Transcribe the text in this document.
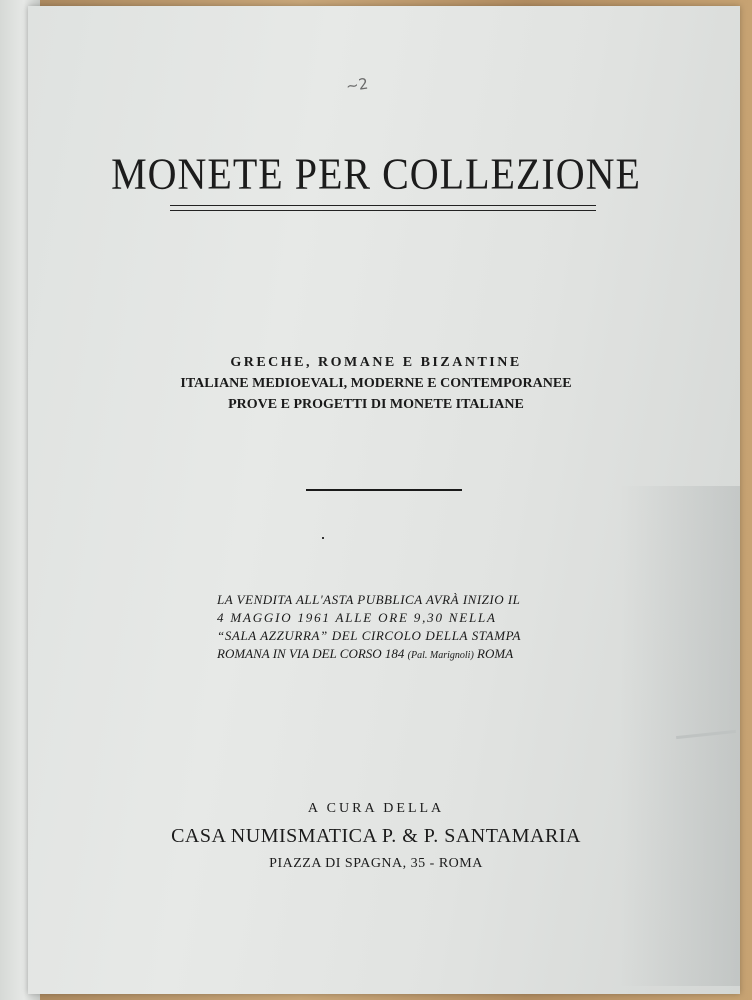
~2
MONETE PER COLLEZIONE
GRECHE, ROMANE E BIZANTINE
ITALIANE MEDIOEVALI, MODERNE E CONTEMPORANEE
PROVE E PROGETTI DI MONETE ITALIANE
LA VENDITA ALL'ASTA PUBBLICA AVRÀ INIZIO IL
4 MAGGIO 1961 ALLE ORE 9,30 NELLA
“SALA AZZURRA” DEL CIRCOLO DELLA STAMPA
ROMANA IN VIA DEL CORSO 184 (Pal. Marignoli) ROMA
A CURA DELLA
CASA NUMISMATICA P. & P. SANTAMARIA
PIAZZA DI SPAGNA, 35 - ROMA
